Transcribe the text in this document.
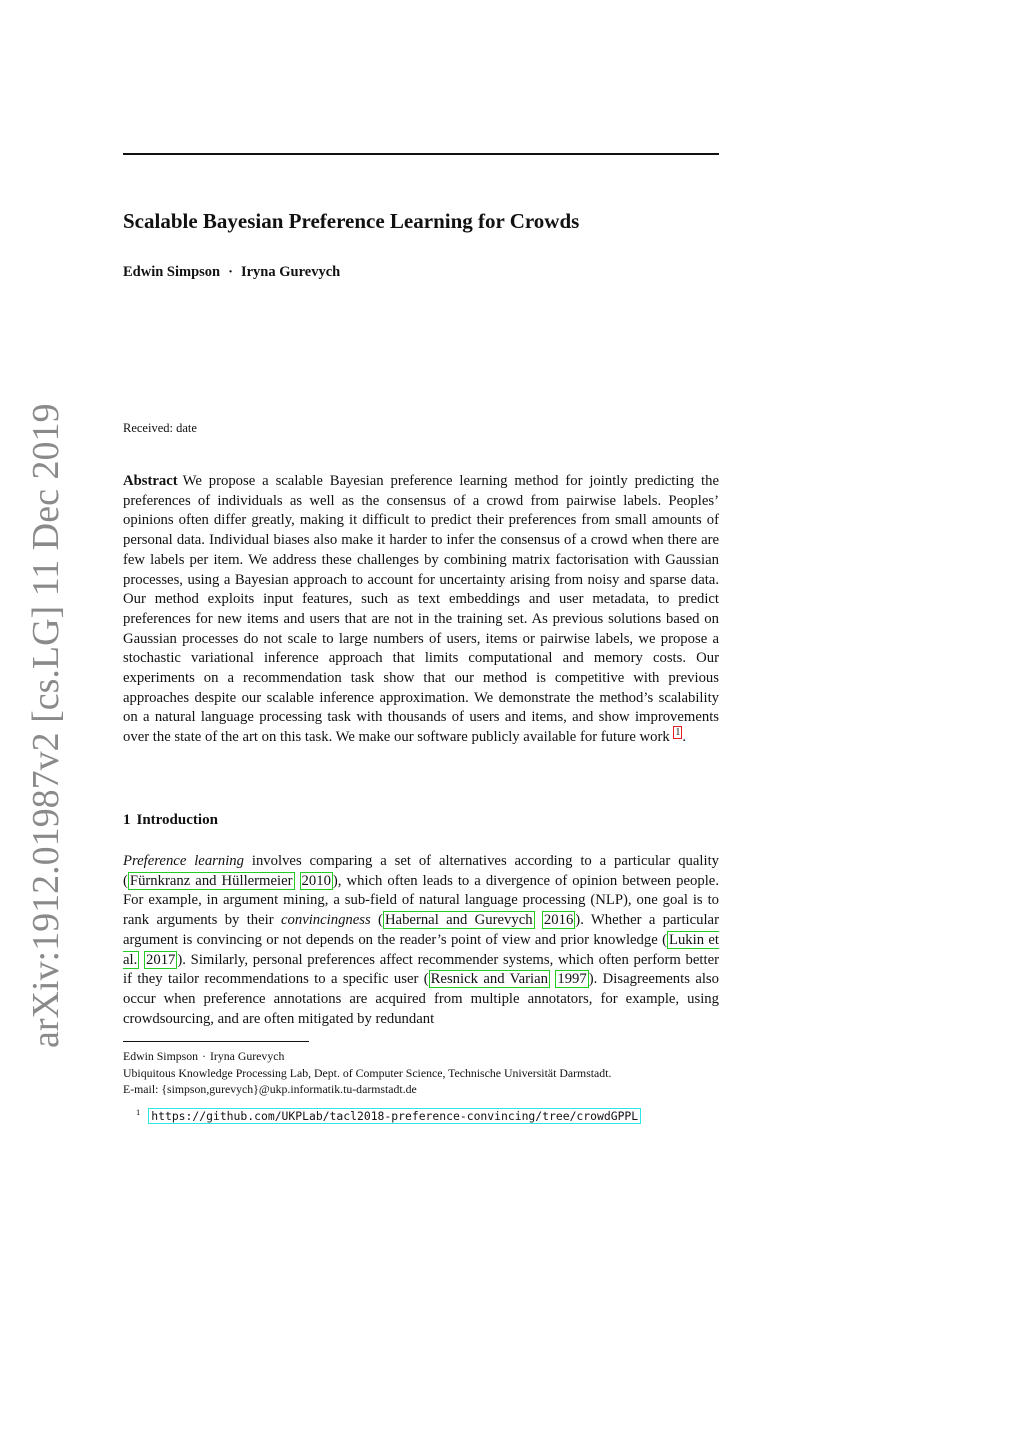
arXiv:1912.01987v2 [cs.LG] 11 Dec 2019
Scalable Bayesian Preference Learning for Crowds
Edwin Simpson · Iryna Gurevych
Received: date

Abstract We propose a scalable Bayesian preference learning method for jointly predicting the preferences of individuals as well as the consensus of a crowd from pairwise labels. Peoples’ opinions often differ greatly, making it difficult to predict their preferences from small amounts of personal data. Individual biases also make it harder to infer the consensus of a crowd when there are few labels per item. We address these challenges by combining matrix factorisation with Gaussian processes, using a Bayesian approach to account for uncertainty arising from noisy and sparse data. Our method exploits input features, such as text embeddings and user metadata, to predict preferences for new items and users that are not in the training set. As previous solutions based on Gaussian processes do not scale to large numbers of users, items or pairwise labels, we propose a stochastic variational inference approach that limits computational and memory costs. Our experiments on a recommendation task show that our method is competitive with previous approaches despite our scalable inference approximation. We demonstrate the method’s scalability on a natural language processing task with thousands of users and items, and show improvements over the state of the art on this task. We make our software publicly available for future work $^1$ .

1 Introduction

Preference learning involves comparing a set of alternatives according to a particular quality ( Fürnkranz and Hüllermeier 2010 ), which often leads to a divergence of opinion between people. For example, in argument mining, a sub-field of natural language processing (NLP), one goal is to rank arguments by their convincingness ( Habernal and Gurevych 2016 ). Whether a particular argument is convincing or not depends on the reader’s point of view and prior knowledge ( Lukin et al. 2017 ). Similarly, personal preferences affect recommender systems, which often perform better if they tailor recommendations to a specific user ( Resnick and Varian 1997 ). Disagreements also occur when preference annotations are acquired from multiple annotators, for example, using crowdsourcing, and are often mitigated by redundant

Edwin Simpson · Iryna Gurevych
Ubiquitous Knowledge Processing Lab, Dept. of Computer Science, Technische Universität Darmstadt.
E-mail: {simpson,gurevych}@ukp.informatik.tu-darmstadt.de
$^1$ https://github.com/UKPLab/tacl2018-preference-convincing/tree/crowdGPPL
